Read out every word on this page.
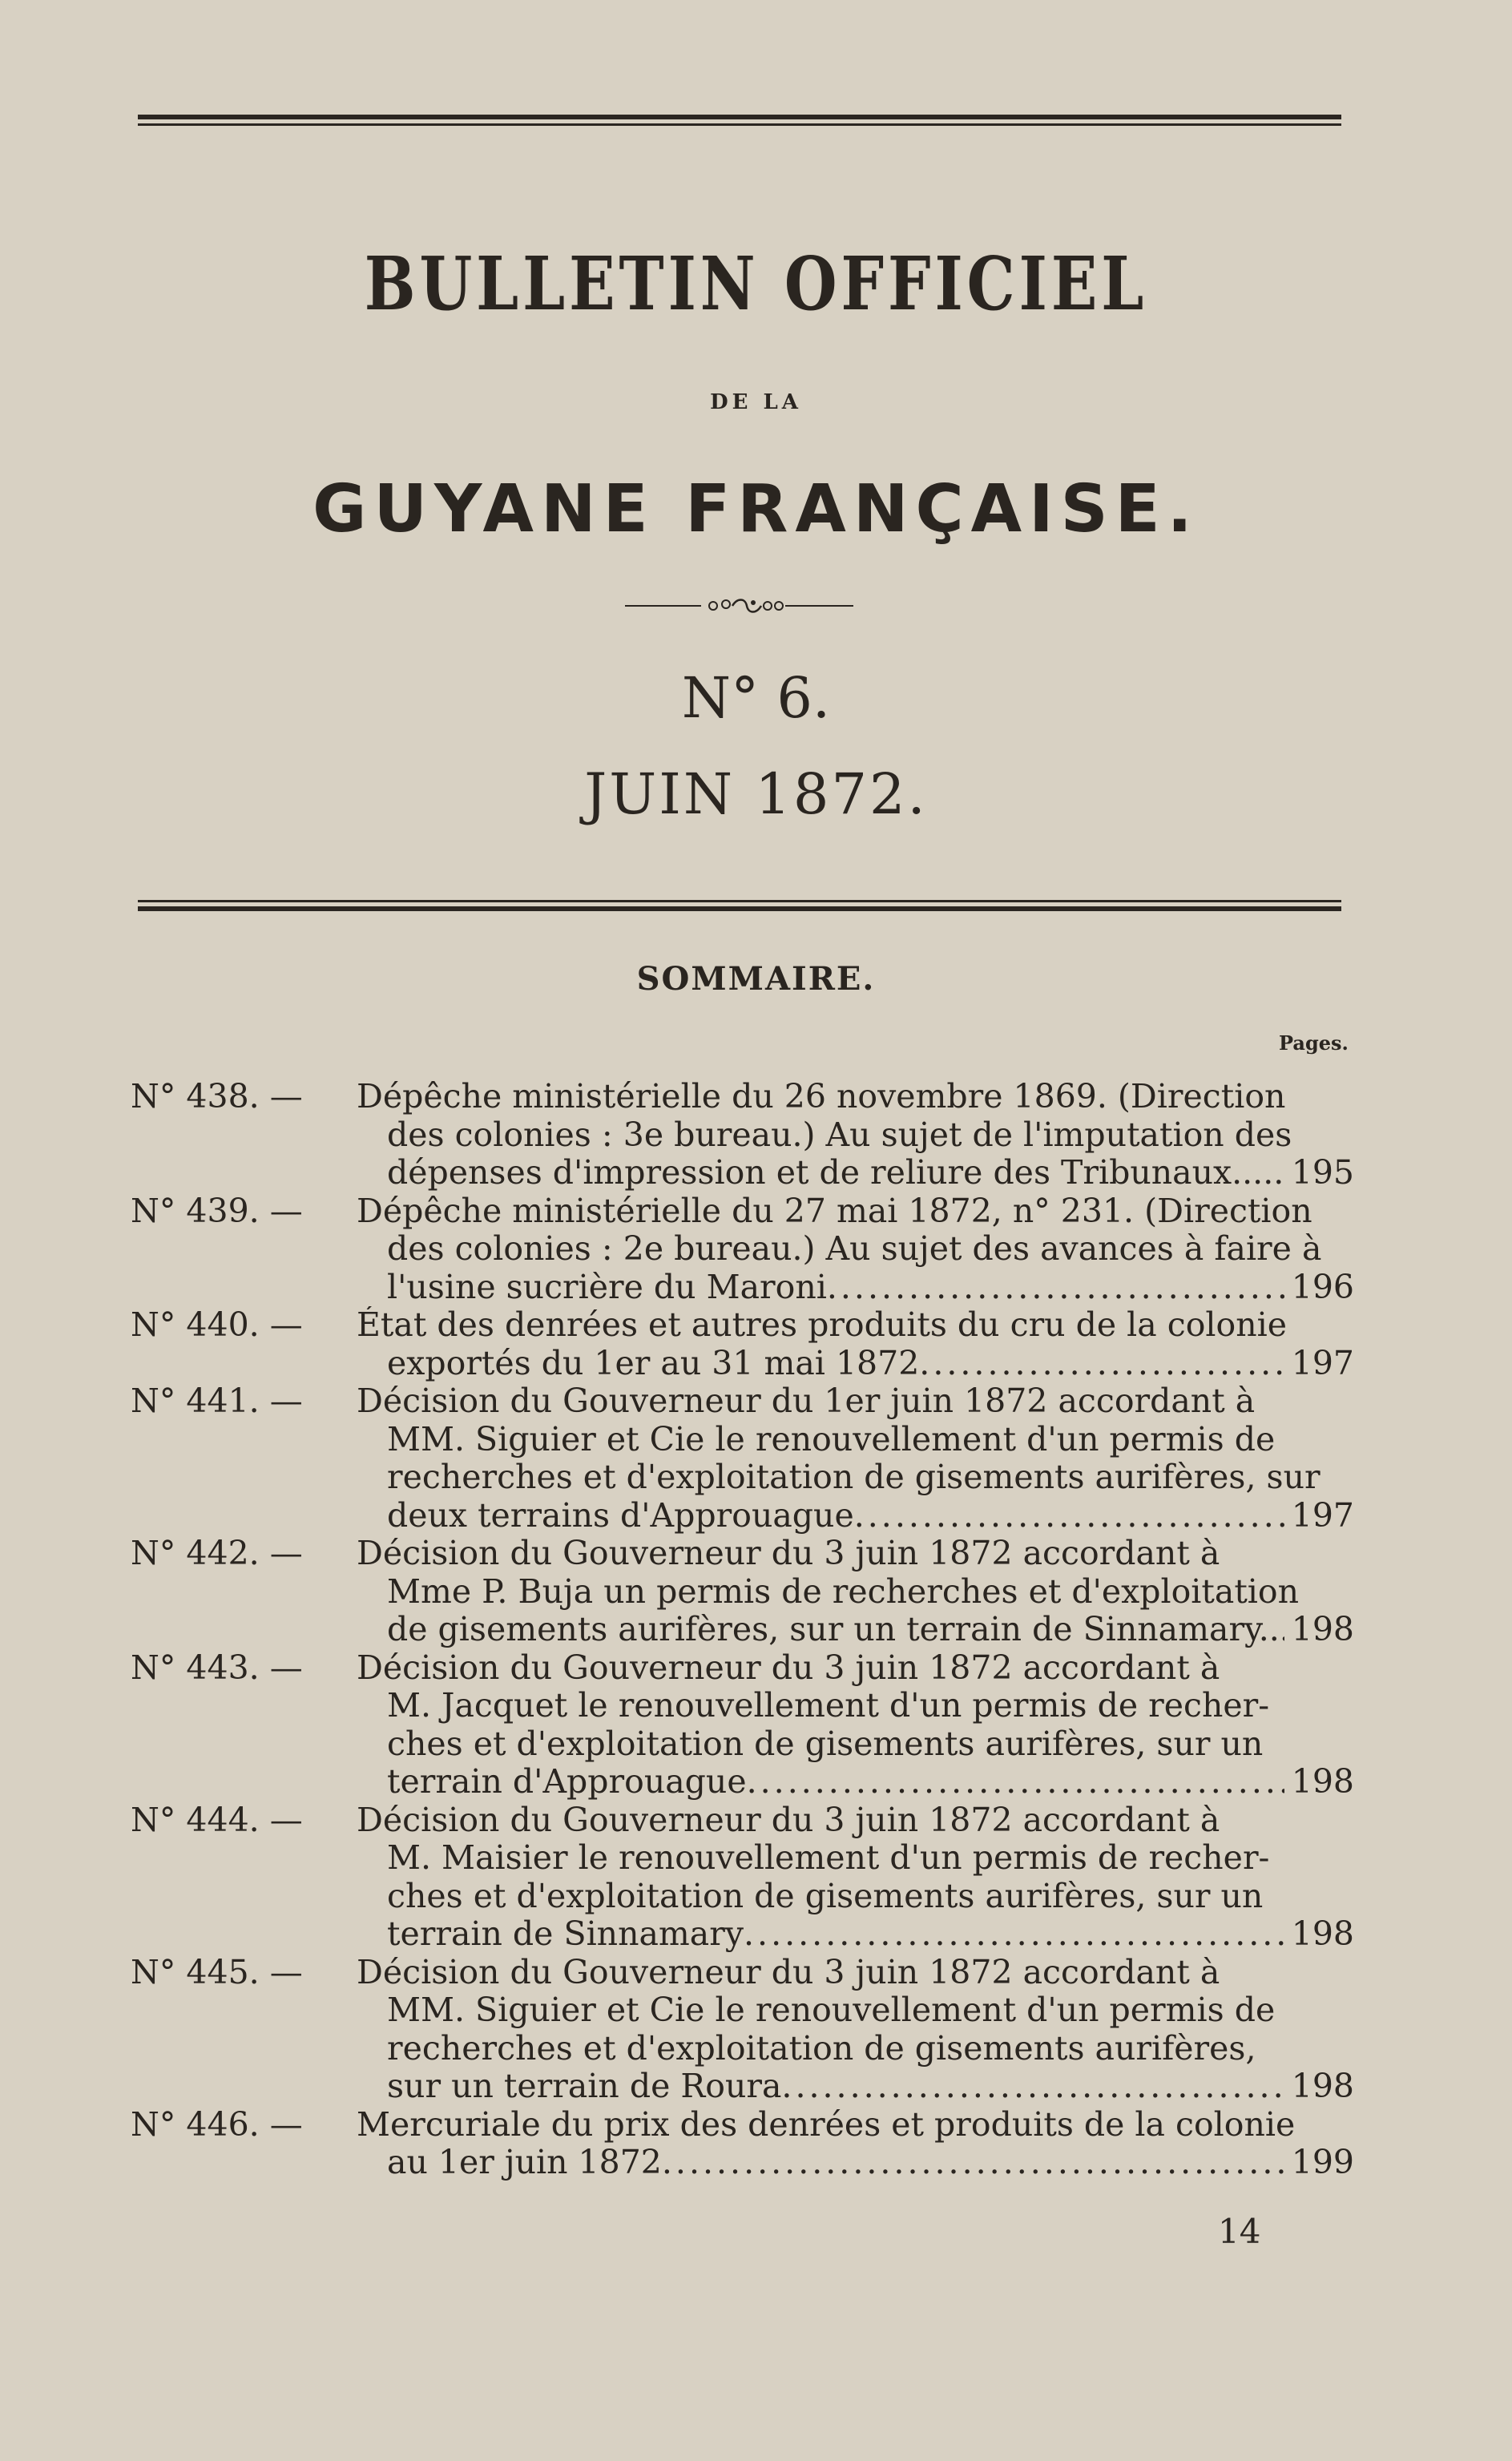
BULLETIN OFFICIEL
DE LA
GUYANE FRANÇAISE.
N° 6.
JUIN 1872.
SOMMAIRE.
Pages.
N° 438. —	Dépêche ministérielle du 26 novembre 1869. (Direction
des colonies : 3e bureau.) Au sujet de l'imputation des
dépenses d'impression et de reliure des Tribunaux.... ..... 195
N° 439. —	Dépêche ministérielle du 27 mai 1872, n° 231. (Direction
des colonies : 2e bureau.) Au sujet des avances à faire à
l'usine sucrière du Maroni .....	196
N° 440. —	État des denrées et autres produits du cru de la colonie
exportés du 1er au 31 mai 1872 .....	197
N° 441. —	Décision du Gouverneur du 1er juin 1872 accordant à
MM. Siguier et Cie le renouvellement d'un permis de
recherches et d'exploitation de gisements aurifères, sur
deux terrains d'Approuague .....	197
N° 442. —	Décision du Gouverneur du 3 juin 1872 accordant à
Mme P. Buja un permis de recherches et d'exploitation
de gisements aurifères, sur un terrain de Sinnamary.. ..... 198
N° 443. —	Décision du Gouverneur du 3 juin 1872 accordant à
M. Jacquet le renouvellement d'un permis de recher-
ches et d'exploitation de gisements aurifères, sur un
terrain d'Approuague .....	198
N° 444. —	Décision du Gouverneur du 3 juin 1872 accordant à
M. Maisier le renouvellement d'un permis de recher-
ches et d'exploitation de gisements aurifères, sur un
terrain de Sinnamary .....	198
N° 445. —	Décision du Gouverneur du 3 juin 1872 accordant à
MM. Siguier et Cie le renouvellement d'un permis de
recherches et d'exploitation de gisements aurifères,
sur un terrain de Roura .....	198
N° 446. —	Mercuriale du prix des denrées et produits de la colonie
au 1er juin 1872 .....	199
14
